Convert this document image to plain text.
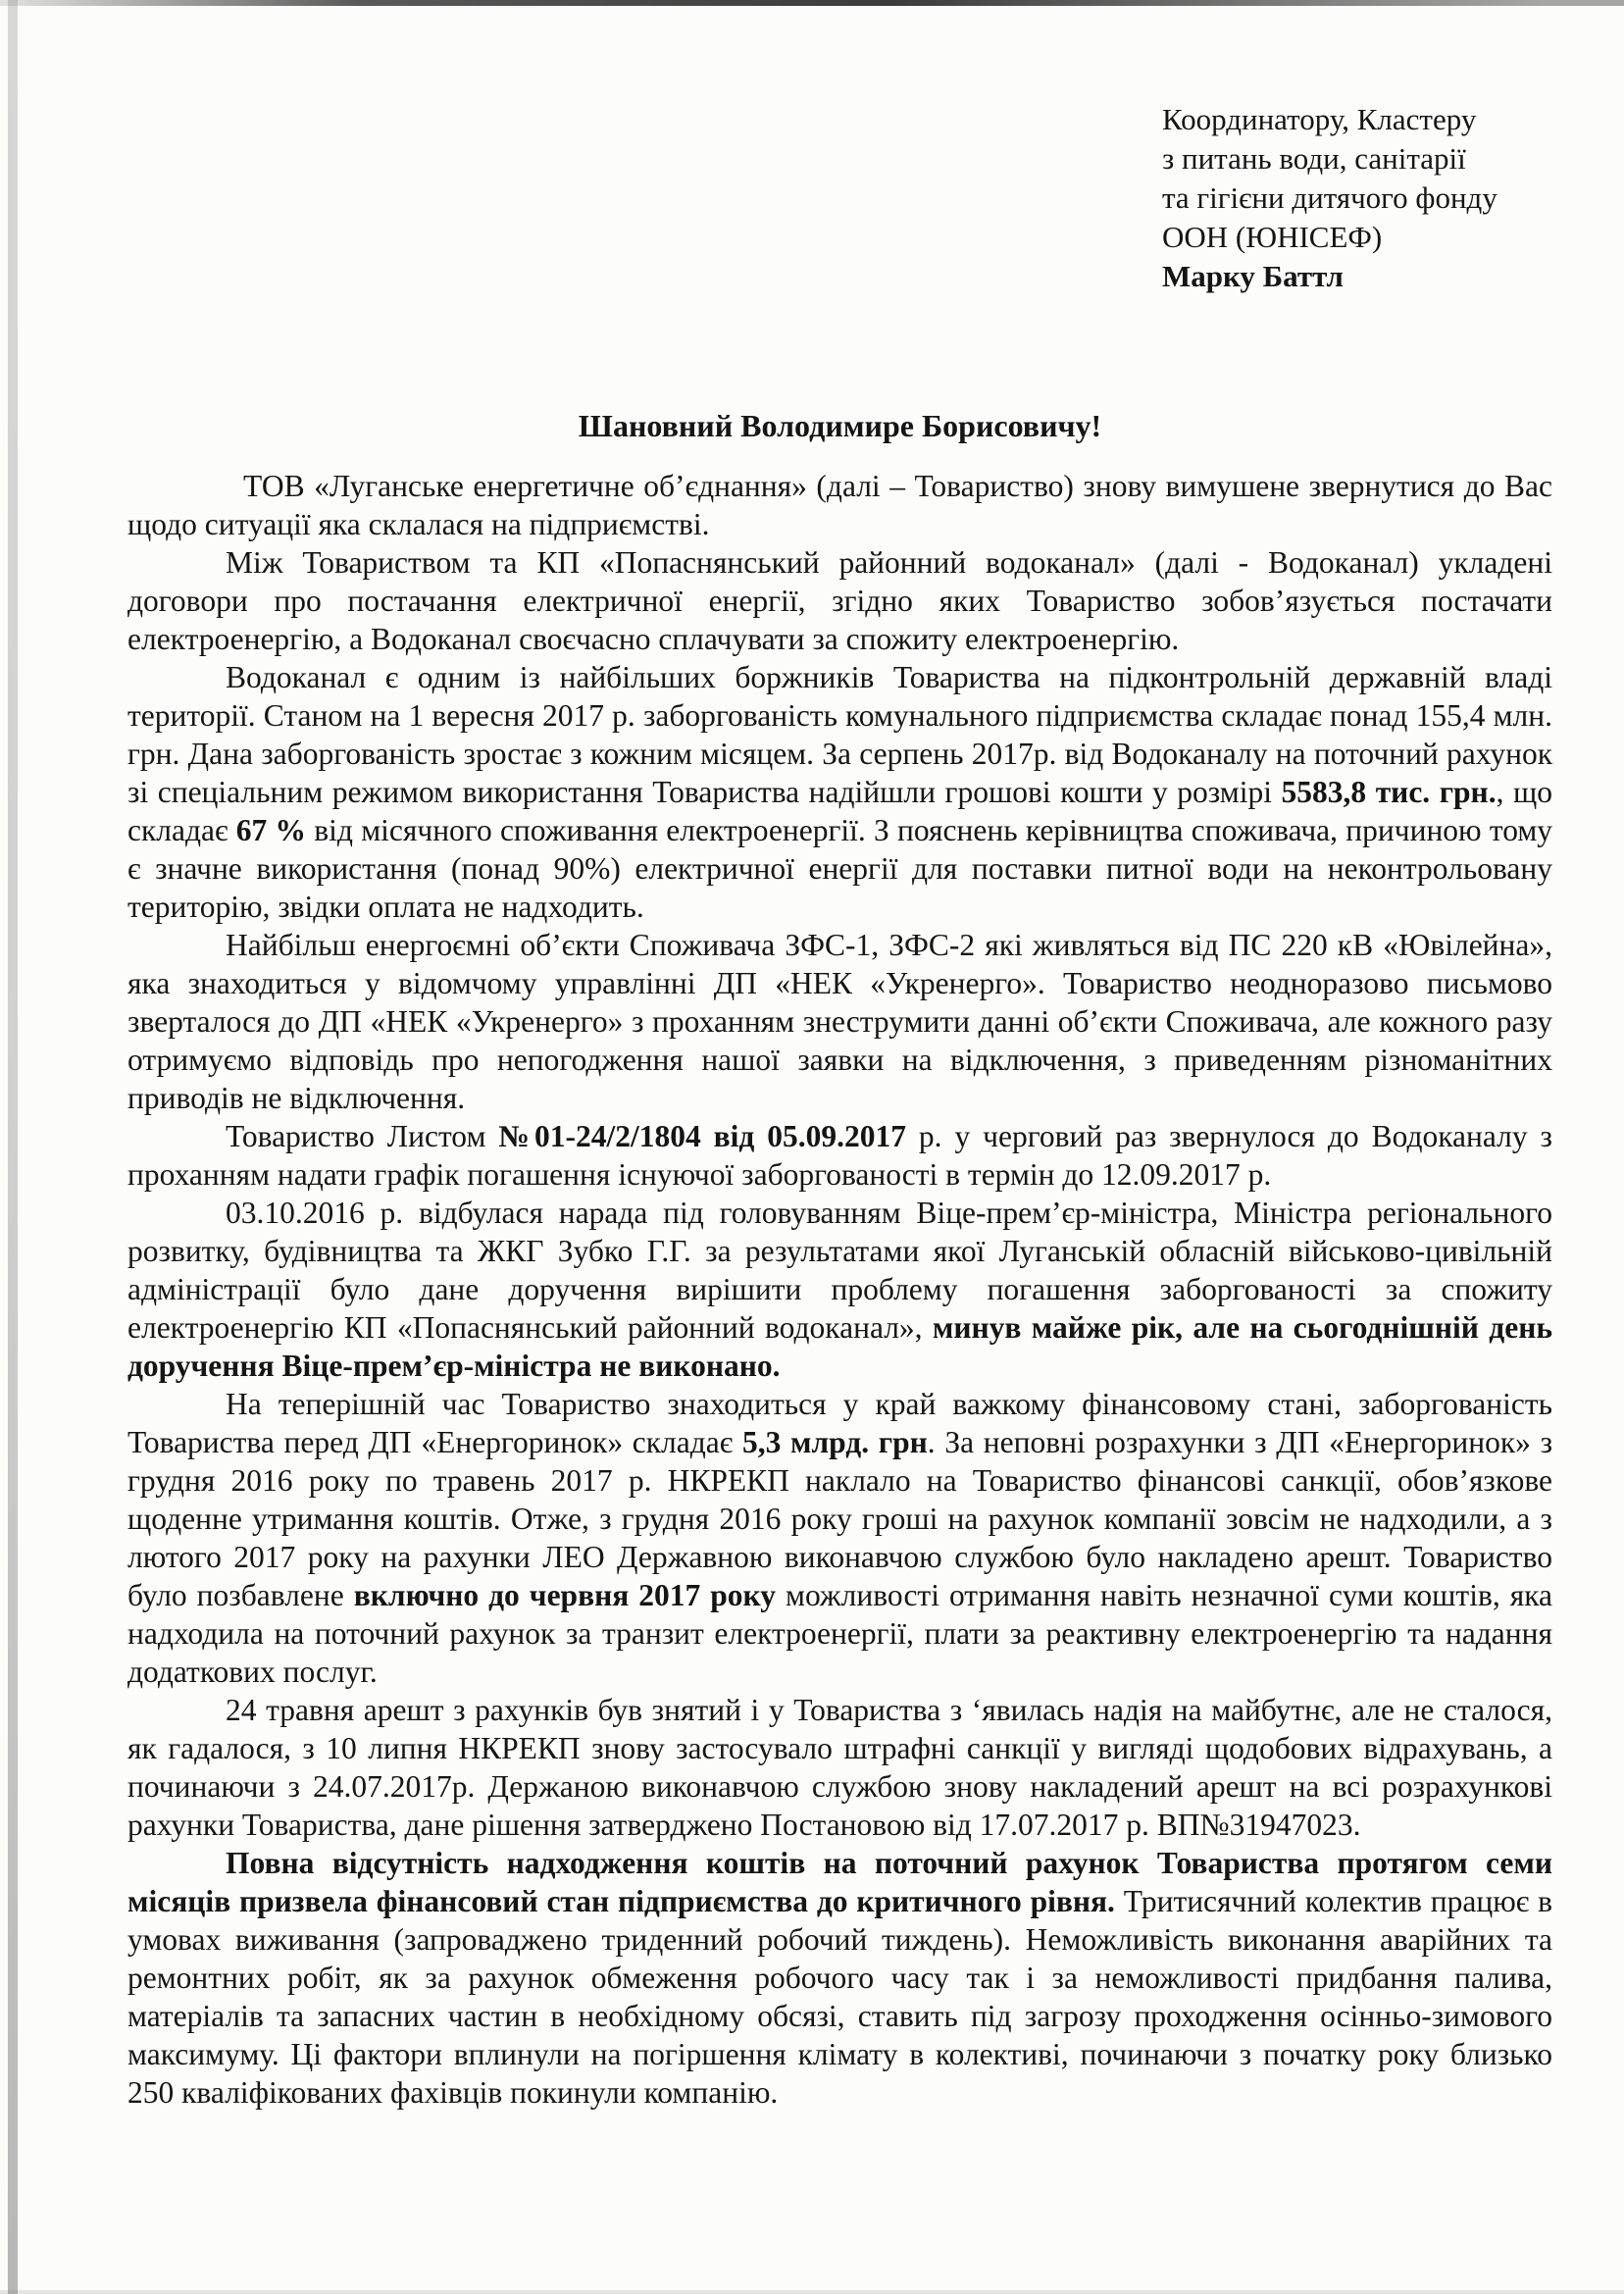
Координатору, Кластеру
з питань води, санітарії
та гігієни дитячого фонду
ООН (ЮНІСЕФ)
Марку Баттл
Шановний Володимире Борисовичу!

ТОВ «Луганське енергетичне об’єднання» (далі – Товариство) знову вимушене звернутися до Вас щодо ситуації яка склалася на підприємстві.

Між Товариством та КП «Попаснянський районний водоканал» (далі - Водоканал) укладені договори про постачання електричної енергії, згідно яких Товариство зобов’язується постачати електроенергію, а Водоканал своєчасно сплачувати за спожиту електроенергію.

Водоканал є одним із найбільших боржників Товариства на підконтрольній державній владі території. Станом на 1 вересня 2017 р. заборгованість комунального підприємства складає понад 155,4 млн. грн. Дана заборгованість зростає з кожним місяцем. За серпень 2017р. від Водоканалу на поточний рахунок зі спеціальним режимом використання Товариства надійшли грошові кошти у розмірі 5583,8 тис. грн., що складає 67 % від місячного споживання електроенергії. З пояснень керівництва споживача, причиною тому є значне використання (понад 90%) електричної енергії для поставки питної води на неконтрольовану територію, звідки оплата не надходить.

Найбільш енергоємні об’єкти Споживача ЗФС-1, ЗФС-2 які живляться від ПС 220 кВ «Ювілейна», яка знаходиться у відомчому управлінні ДП «НЕК «Укренерго». Товариство неодноразово письмово зверталося до ДП «НЕК «Укренерго» з проханням знеструмити данні об’єкти Споживача, але кожного разу отримуємо відповідь про непогодження нашої заявки на відключення, з приведенням різноманітних приводів не відключення.

Товариство Листом №01-24/2/1804 від 05.09.2017 р. у черговий раз звернулося до Водоканалу з проханням надати графік погашення існуючої заборгованості в термін до 12.09.2017 р.

03.10.2016 р. відбулася нарада під головуванням Віце-прем’єр-міністра, Міністра регіонального розвитку, будівництва та ЖКГ Зубко Г.Г. за результатами якої Луганській обласній військово-цивільній адміністрації було дане доручення вирішити проблему погашення заборгованості за спожиту електроенергію КП «Попаснянський районний водоканал», минув майже рік, але на сьогоднішній день доручення Віце-прем’єр-міністра не виконано.

На теперішній час Товариство знаходиться у край важкому фінансовому стані, заборгованість Товариства перед ДП «Енергоринок» складає 5,3 млрд. грн. За неповні розрахунки з ДП «Енергоринок» з грудня 2016 року по травень 2017 р. НКРЕКП наклало на Товариство фінансові санкції, обов’язкове щоденне утримання коштів. Отже, з грудня 2016 року гроші на рахунок компанії зовсім не надходили, а з лютого 2017 року на рахунки ЛЕО Державною виконавчою службою було накладено арешт. Товариство було позбавлене включно до червня 2017 року можливості отримання навіть незначної суми коштів, яка надходила на поточний рахунок за транзит електроенергії, плати за реактивну електроенергію та надання додаткових послуг.

24 травня арешт з рахунків був знятий і у Товариства з ‘явилась надія на майбутнє, але не сталося, як гадалося, з 10 липня НКРЕКП знову застосувало штрафні санкції у вигляді щодобових відрахувань, а починаючи з 24.07.2017р. Держаною виконавчою службою знову накладений арешт на всі розрахункові рахунки Товариства, дане рішення затверджено Постановою від 17.07.2017 р. ВП№31947023.

Повна відсутність надходження коштів на поточний рахунок Товариства протягом семи місяців призвела фінансовий стан підприємства до критичного рівня. Тритисячний колектив працює в умовах виживання (запроваджено триденний робочий тиждень). Неможливість виконання аварійних та ремонтних робіт, як за рахунок обмеження робочого часу так і за неможливості придбання палива, матеріалів та запасних частин в необхідному обсязі, ставить під загрозу проходження осінньо-зимового максимуму. Ці фактори вплинули на погіршення клімату в колективі, починаючи з початку року близько 250 кваліфікованих фахівців покинули компанію.
